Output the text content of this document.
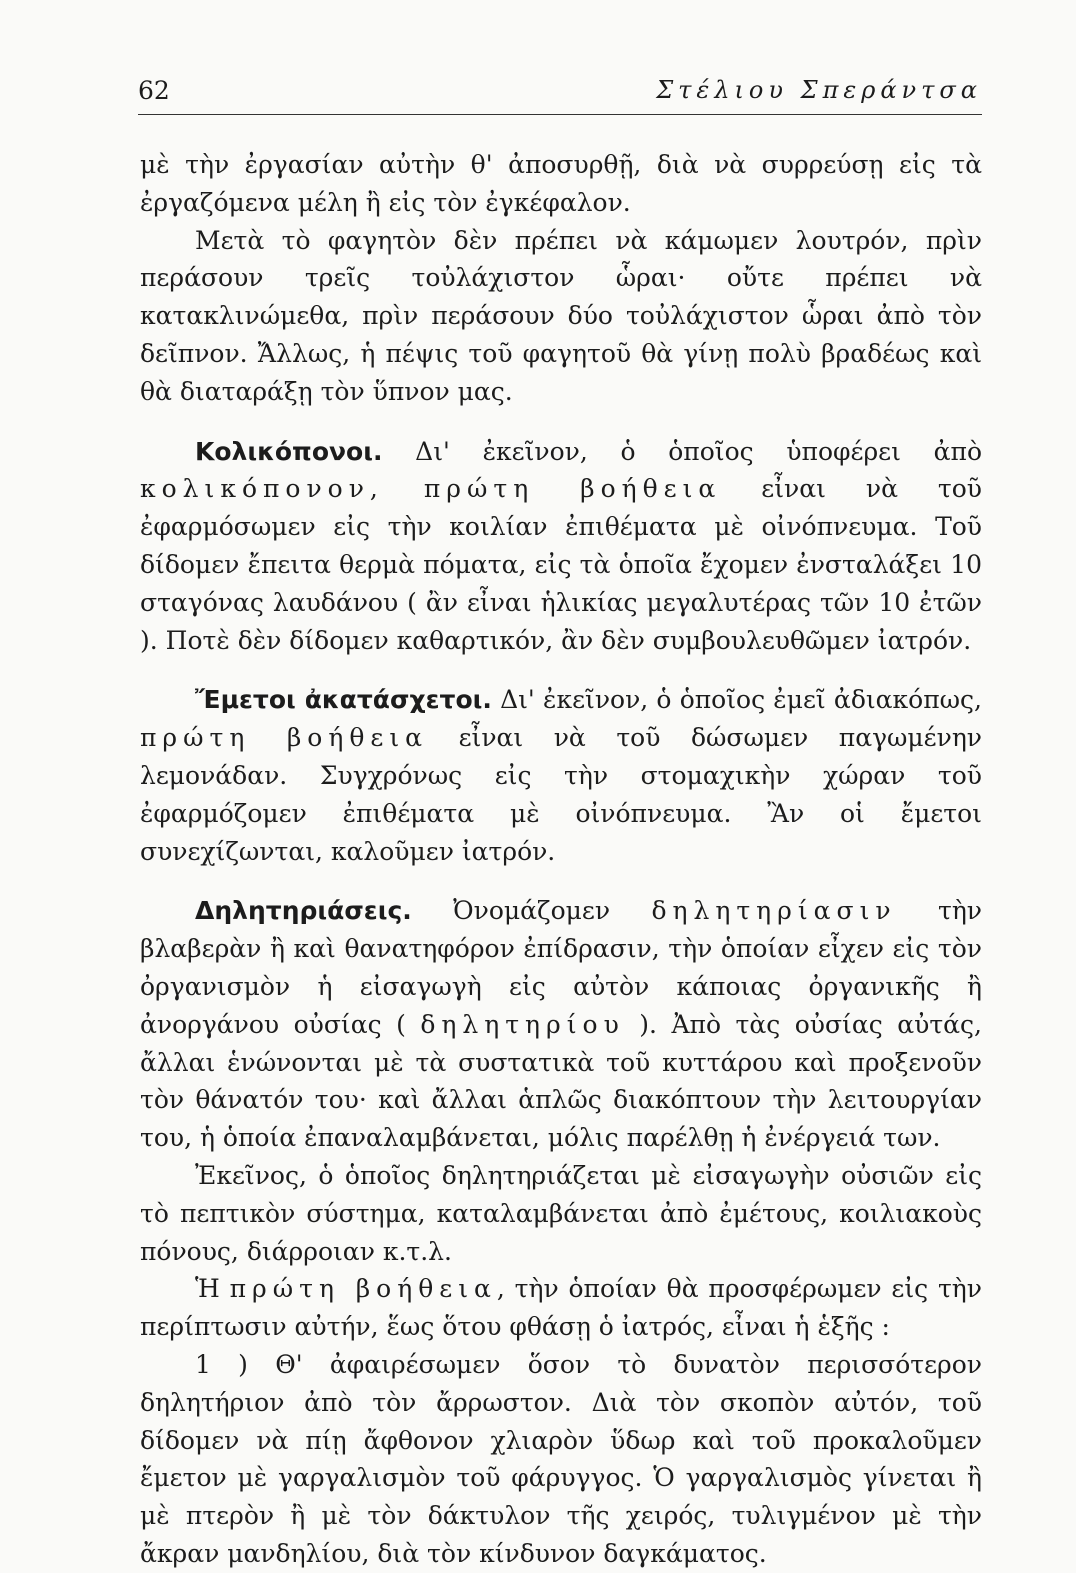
62	Στέλιου Σπεράντσα

μὲ τὴν ἐργασίαν αὐτὴν θ' ἀποσυρθῇ, διὰ νὰ συρρεύσῃ εἰς τὰ ἐργαζόμενα μέλη ἢ εἰς τὸν ἐγκέφαλον.

Μετὰ τὸ φαγητὸν δὲν πρέπει νὰ κάμωμεν λουτρόν, πρὶν περάσουν τρεῖς τοὐλάχιστον ὧραι· οὔτε πρέπει νὰ κατακλινώμεθα, πρὶν περάσουν δύο τοὐλάχιστον ὧραι ἀπὸ τὸν δεῖπνον. Ἄλλως, ἡ πέψις τοῦ φαγητοῦ θὰ γίνῃ πολὺ βραδέως καὶ θὰ διαταράξῃ τὸν ὕπνον μας.

Κολικόπονοι. Δι' ἐκεῖνον, ὁ ὁποῖος ὑποφέρει ἀπὸ κολικόπονον, πρώτη βοήθεια εἶναι νὰ τοῦ ἐφαρμόσωμεν εἰς τὴν κοιλίαν ἐπιθέματα μὲ οἰνόπνευμα. Τοῦ δίδομεν ἔπειτα θερμὰ πόματα, εἰς τὰ ὁποῖα ἔχομεν ἐνσταλάξει 10 σταγόνας λαυδάνου ( ἂν εἶναι ἡλικίας μεγαλυτέρας τῶν 10 ἐτῶν ). Ποτὲ δὲν δίδομεν καθαρτικόν, ἂν δὲν συμβουλευθῶμεν ἰατρόν.

Ἔμετοι ἀκατάσχετοι. Δι' ἐκεῖνον, ὁ ὁποῖος ἐμεῖ ἀδιακόπως, πρώτη βοήθεια εἶναι νὰ τοῦ δώσωμεν παγωμένην λεμονάδαν. Συγχρόνως εἰς τὴν στομαχικὴν χώραν τοῦ ἐφαρμόζομεν ἐπιθέματα μὲ οἰνόπνευμα. Ἂν οἱ ἔμετοι συνεχίζωνται, καλοῦμεν ἰατρόν.

Δηλητηριάσεις. Ὀνομάζομεν δηλητηρίασιν τὴν βλαβερὰν ἢ καὶ θανατηφόρον ἐπίδρασιν, τὴν ὁποίαν εἶχεν εἰς τὸν ὀργανισμὸν ἡ εἰσαγωγὴ εἰς αὐτὸν κάποιας ὀργανικῆς ἢ ἀνοργάνου οὐσίας ( δηλητηρίου ). Ἀπὸ τὰς οὐσίας αὐτάς, ἄλλαι ἑνώνονται μὲ τὰ συστατικὰ τοῦ κυττάρου καὶ προξενοῦν τὸν θάνατόν του· καὶ ἄλλαι ἁπλῶς διακόπτουν τὴν λειτουργίαν του, ἡ ὁποία ἐπαναλαμβάνεται, μόλις παρέλθῃ ἡ ἐνέργειά των.

Ἐκεῖνος, ὁ ὁποῖος δηλητηριάζεται μὲ εἰσαγωγὴν οὐσιῶν εἰς τὸ πεπτικὸν σύστημα, καταλαμβάνεται ἀπὸ ἐμέτους, κοιλιακοὺς πόνους, διάρροιαν κ.τ.λ.

Ἡ πρώτη βοήθεια, τὴν ὁποίαν θὰ προσφέρωμεν εἰς τὴν περίπτωσιν αὐτήν, ἕως ὅτου φθάσῃ ὁ ἰατρός, εἶναι ἡ ἑξῆς :

1 ) Θ' ἀφαιρέσωμεν ὅσον τὸ δυνατὸν περισσότερον δηλητήριον ἀπὸ τὸν ἄρρωστον. Διὰ τὸν σκοπὸν αὐτόν, τοῦ δίδομεν νὰ πίῃ ἄφθονον χλιαρὸν ὕδωρ καὶ τοῦ προκαλοῦμεν ἔμετον μὲ γαργαλισμὸν τοῦ φάρυγγος. Ὁ γαργαλισμὸς γίνεται ἢ μὲ πτερὸν ἢ μὲ τὸν δάκτυλον τῆς χειρός, τυλιγμένον μὲ τὴν ἄκραν μανδηλίου, διὰ τὸν κίνδυνον δαγκάματος.
